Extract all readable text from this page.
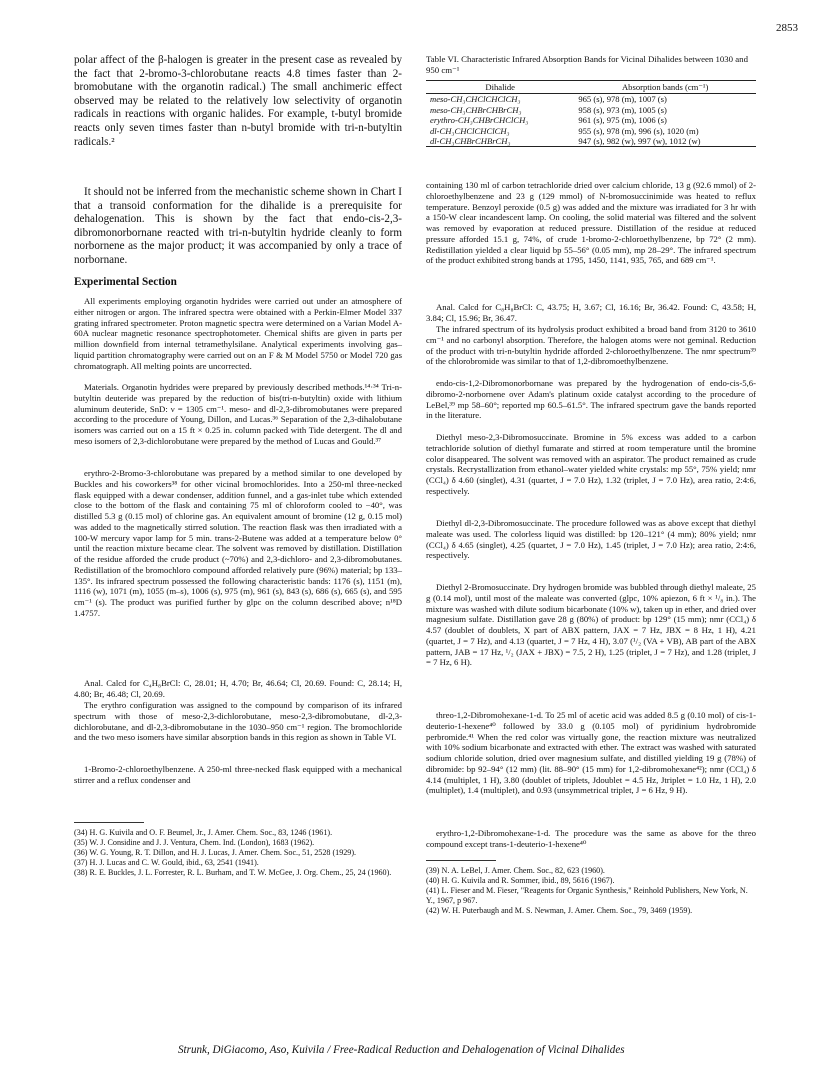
2853

polar affect of the β-halogen is greater in the present case as revealed by the fact that 2-bromo-3-chlorobutane reacts 4.8 times faster than 2-bromobutane with the organotin radical.) The small anchimeric effect observed may be related to the relatively low selectivity of organotin radicals in reactions with organic halides. For example, t-butyl bromide reacts only seven times faster than n-butyl bromide with tri-n-butyltin radicals.²

It should not be inferred from the mechanistic scheme shown in Chart I that a transoid conformation for the dihalide is a prerequisite for dehalogenation. This is shown by the fact that endo-cis-2,3-dibromonorbornane reacted with tri-n-butyltin hydride cleanly to form norbornene as the major product; it was accompanied by only a trace of norbornane.

Experimental Section

All experiments employing organotin hydrides were carried out under an atmosphere of either nitrogen or argon. The infrared spectra were obtained with a Perkin-Elmer Model 337 grating infrared spectrometer. Proton magnetic spectra were determined on a Varian Model A-60A nuclear magnetic resonance spectrophotometer. Chemical shifts are given in parts per million downfield from internal tetramethylsilane. Analytical experiments involving gas–liquid partition chromatography were carried out on an F & M Model 5750 or Model 720 gas chromatograph. All melting points are uncorrected.

Materials. Organotin hydrides were prepared by previously described methods.¹⁴·³⁴ Tri-n-butyltin deuteride was prepared by the reduction of bis(tri-n-butyltin) oxide with lithium aluminum deuteride, SnD: ν = 1305 cm⁻¹. meso- and dl-2,3-dibromobutanes were prepared according to the procedure of Young, Dillon, and Lucas.³⁶ Separation of the 2,3-dihalobutane isomers was carried out on a 15 ft × 0.25 in. column packed with Tide detergent. The dl and meso isomers of 2,3-dichlorobutane were prepared by the method of Lucas and Gould.³⁷

erythro-2-Bromo-3-chlorobutane was prepared by a method similar to one developed by Buckles and his coworkers³⁸ for other vicinal bromochlorides. Into a 250-ml three-necked flask equipped with a dewar condenser, addition funnel, and a gas-inlet tube which extended close to the bottom of the flask and containing 75 ml of chloroform cooled to −40°, was distilled 5.3 g (0.15 mol) of chlorine gas. An equivalent amount of bromine (12 g, 0.15 mol) was added to the magnetically stirred solution. The reaction flask was then irradiated with a 100-W mercury vapor lamp for 5 min. trans-2-Butene was added at a temperature below 0° until the reaction mixture became clear. The solvent was removed by distillation. Distillation of the residue afforded the crude product (~70%) and 2,3-dichloro- and 2,3-dibromobutanes. Redistillation of the bromochloro compound afforded relatively pure (96%) material; bp 133–135°. Its infrared spectrum possessed the following characteristic bands: 1176 (s), 1151 (m), 1116 (w), 1071 (m), 1055 (m–s), 1006 (s), 975 (m), 961 (s), 843 (s), 686 (s), 665 (s), and 595 cm⁻¹ (s). The product was purified further by glpc on the column described above; n¹⁸D 1.4757.

Anal. Calcd for C₄H₈BrCl: C, 28.01; H, 4.70; Br, 46.64; Cl, 20.69. Found: C, 28.14; H, 4.80; Br, 46.48; Cl, 20.69.

The erythro configuration was assigned to the compound by comparison of its infrared spectrum with those of meso-2,3-dichlorobutane, meso-2,3-dibromobutane, dl-2,3-dichlorobutane, and dl-2,3-dibromobutane in the 1030–950 cm⁻¹ region. The bromochloride and the two meso isomers have similar absorption bands in this region as shown in Table VI.

1-Bromo-2-chloroethylbenzene. A 250-ml three-necked flask equipped with a mechanical stirrer and a reflux condenser and

(34) H. G. Kuivila and O. F. Beumel, Jr., J. Amer. Chem. Soc., 83, 1246 (1961).

(35) W. J. Considine and J. J. Ventura, Chem. Ind. (London), 1683 (1962).

(36) W. G. Young, R. T. Dillon, and H. J. Lucas, J. Amer. Chem. Soc., 51, 2528 (1929).

(37) H. J. Lucas and C. W. Gould, ibid., 63, 2541 (1941).

(38) R. E. Buckles, J. L. Forrester, R. L. Burham, and T. W. McGee, J. Org. Chem., 25, 24 (1960).

Table VI. Characteristic Infrared Absorption Bands for Vicinal Dihalides between 1030 and 950 cm⁻¹

Dihalide	Absorption bands (cm⁻¹)
meso-CH₃CHClCHClCH₃	965 (s), 978 (m), 1007 (s)
meso-CH₃CHBrCHBrCH₃	958 (s), 973 (m), 1005 (s)
erythro-CH₃CHBrCHClCH₃	961 (s), 975 (m), 1006 (s)
dl-CH₃CHClCHClCH₃	955 (s), 978 (m), 996 (s), 1020 (m)
dl-CH₃CHBrCHBrCH₃	947 (s), 982 (w), 997 (w), 1012 (w)

containing 130 ml of carbon tetrachloride dried over calcium chloride, 13 g (92.6 mmol) of 2-chloroethylbenzene and 23 g (129 mmol) of N-bromosuccinimide was heated to reflux temperature. Benzoyl peroxide (0.5 g) was added and the mixture was irradiated for 3 hr with a 150-W clear incandescent lamp. On cooling, the solid material was filtered and the solvent was removed by evaporation at reduced pressure. Distillation of the residue at reduced pressure afforded 15.1 g, 74%, of crude 1-bromo-2-chloroethylbenzene, bp 72° (2 mm). Redistillation yielded a clear liquid bp 55–56° (0.05 mm), mp 28–29°. The infrared spectrum of the product exhibited strong bands at 1795, 1450, 1141, 935, 765, and 689 cm⁻¹.

Anal. Calcd for C₈H₈BrCl: C, 43.75; H, 3.67; Cl, 16.16; Br, 36.42. Found: C, 43.58; H, 3.84; Cl, 15.96; Br, 36.47.

The infrared spectrum of its hydrolysis product exhibited a broad band from 3120 to 3610 cm⁻¹ and no carbonyl absorption. Therefore, the halogen atoms were not geminal. Reduction of the product with tri-n-butyltin hydride afforded 2-chloroethylbenzene. The nmr spectrum³⁹ of the chlorobromide was similar to that of 1,2-dibromoethylbenzene.

endo-cis-1,2-Dibromonorbornane was prepared by the hydrogenation of endo-cis-5,6-dibromo-2-norbornene over Adam's platinum oxide catalyst according to the procedure of LeBel,³⁹ mp 58–60°; reported mp 60.5–61.5°. The infrared spectrum gave the bands reported in the literature.

Diethyl meso-2,3-Dibromosuccinate. Bromine in 5% excess was added to a carbon tetrachloride solution of diethyl fumarate and stirred at room temperature until the bromine color disappeared. The solvent was removed with an aspirator. The product remained as crude crystals. Recrystallization from ethanol–water yielded white crystals: mp 55°, 75% yield; nmr (CCl₄) δ 4.60 (singlet), 4.31 (quartet, J = 7.0 Hz), 1.32 (triplet, J = 7.0 Hz), area ratio, 2:4:6, respectively.

Diethyl dl-2,3-Dibromosuccinate. The procedure followed was as above except that diethyl maleate was used. The colorless liquid was distilled: bp 120–121° (4 mm); 80% yield; nmr (CCl₄) δ 4.65 (singlet), 4.25 (quartet, J = 7.0 Hz), 1.45 (triplet, J = 7.0 Hz); area ratio, 2:4:6, respectively.

Diethyl 2-Bromosuccinate. Dry hydrogen bromide was bubbled through diethyl maleate, 25 g (0.14 mol), until most of the maleate was converted (glpc, 10% apiezon, 6 ft × ¹/₈ in.). The mixture was washed with dilute sodium bicarbonate (10% w), taken up in ether, and dried over magnesium sulfate. Distillation gave 28 g (80%) of product: bp 129° (15 mm); nmr (CCl₄) δ 4.57 (doublet of doublets, X part of ABX pattern, JAX = 7 Hz, JBX = 8 Hz, 1 H), 4.21 (quartet, J = 7 Hz), and 4.13 (quartet, J = 7 Hz, 4 H), 3.07 (¹/₂ (VA + VB), AB part of the ABX pattern, JAB = 17 Hz, ¹/₂ (JAX + JBX) = 7.5, 2 H), 1.25 (triplet, J = 7 Hz), and 1.28 (triplet, J = 7 Hz, 6 H).

threo-1,2-Dibromohexane-1-d. To 25 ml of acetic acid was added 8.5 g (0.10 mol) of cis-1-deuterio-1-hexene⁴⁰ followed by 33.0 g (0.105 mol) of pyridinium hydrobromide perbromide.⁴¹ When the red color was virtually gone, the reaction mixture was neutralized with 10% sodium bicarbonate and extracted with ether. The extract was washed with saturated sodium chloride solution, dried over magnesium sulfate, and distilled yielding 19 g (78%) of dibromide: bp 92–94° (12 mm) (lit. 88–90° (15 mm) for 1,2-dibromohexane⁴²); nmr (CCl₄) δ 4.14 (multiplet, 1 H), 3.80 (doublet of triplets, Jdoublet = 4.5 Hz, Jtriplet = 1.0 Hz, 1 H), 2.0 (multiplet), 1.4 (multiplet), and 0.93 (unsymmetrical triplet, J = 6 Hz, 9 H).

erythro-1,2-Dibromohexane-1-d. The procedure was the same as above for the threo compound except trans-1-deuterio-1-hexene⁴⁰

(39) N. A. LeBel, J. Amer. Chem. Soc., 82, 623 (1960).

(40) H. G. Kuivila and R. Sommer, ibid., 89, 5616 (1967).

(41) L. Fieser and M. Fieser, "Reagents for Organic Synthesis," Reinhold Publishers, New York, N. Y., 1967, p 967.

(42) W. H. Puterbaugh and M. S. Newman, J. Amer. Chem. Soc., 79, 3469 (1959).

Strunk, DiGiacomo, Aso, Kuivila / Free-Radical Reduction and Dehalogenation of Vicinal Dihalides
